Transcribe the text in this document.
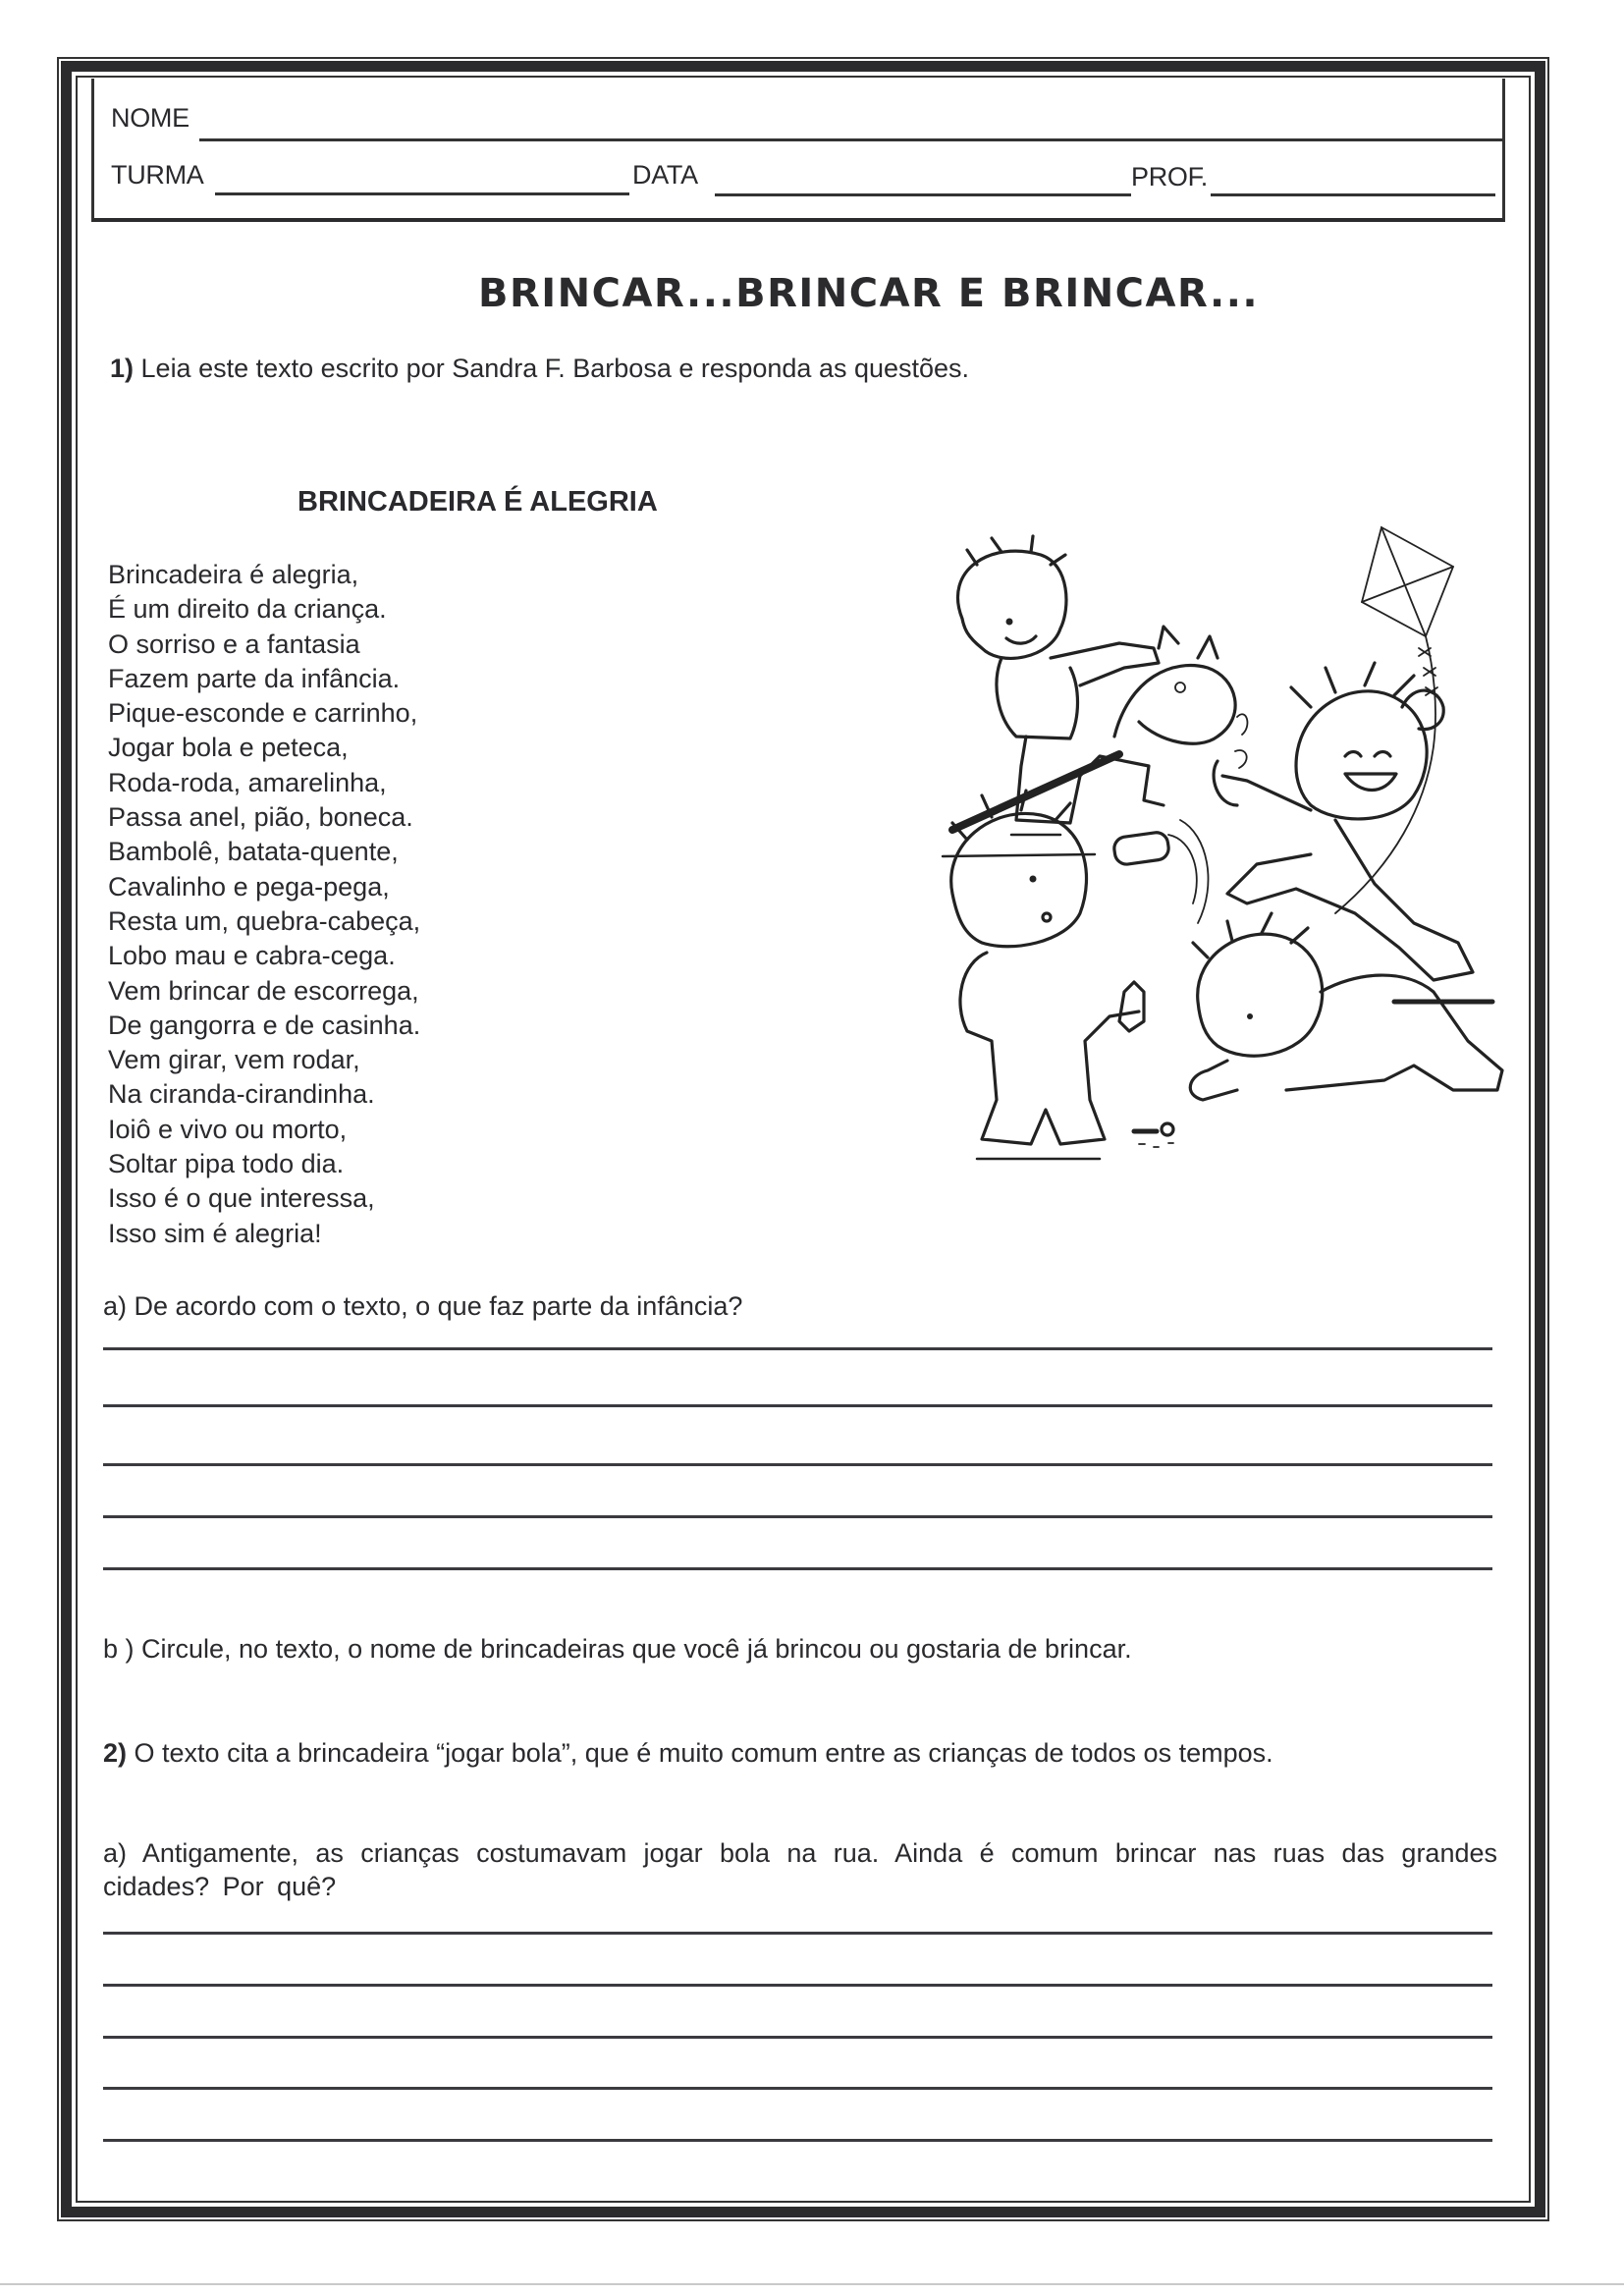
NOME
TURMA	DATA	PROF.
BRINCAR...BRINCAR E BRINCAR...
1) Leia este texto escrito por Sandra F. Barbosa e responda as questões.
BRINCADEIRA É ALEGRIA
Brincadeira é alegria,
É um direito da criança.
O sorriso e a fantasia
Fazem parte da infância.
Pique-esconde e carrinho,
Jogar bola e peteca,
Roda-roda, amarelinha,
Passa anel, pião, boneca.
Bambolê, batata-quente,
Cavalinho e pega-pega,
Resta um, quebra-cabeça,
Lobo mau e cabra-cega.
Vem brincar de escorrega,
De gangorra e de casinha.
Vem girar, vem rodar,
Na ciranda-cirandinha.
Ioiô e vivo ou morto,
Soltar pipa todo dia.
Isso é o que interessa,
Isso sim é alegria!
a) De acordo com o texto, o que faz parte da infância?
b ) Circule, no texto, o nome de brincadeiras que você já brincou ou gostaria de brincar.
2) O texto cita a brincadeira “jogar bola”, que é muito comum entre as crianças de todos os tempos.
a) Antigamente, as crianças costumavam jogar bola na rua. Ainda é comum brincar nas ruas das grandes cidades? Por quê?
